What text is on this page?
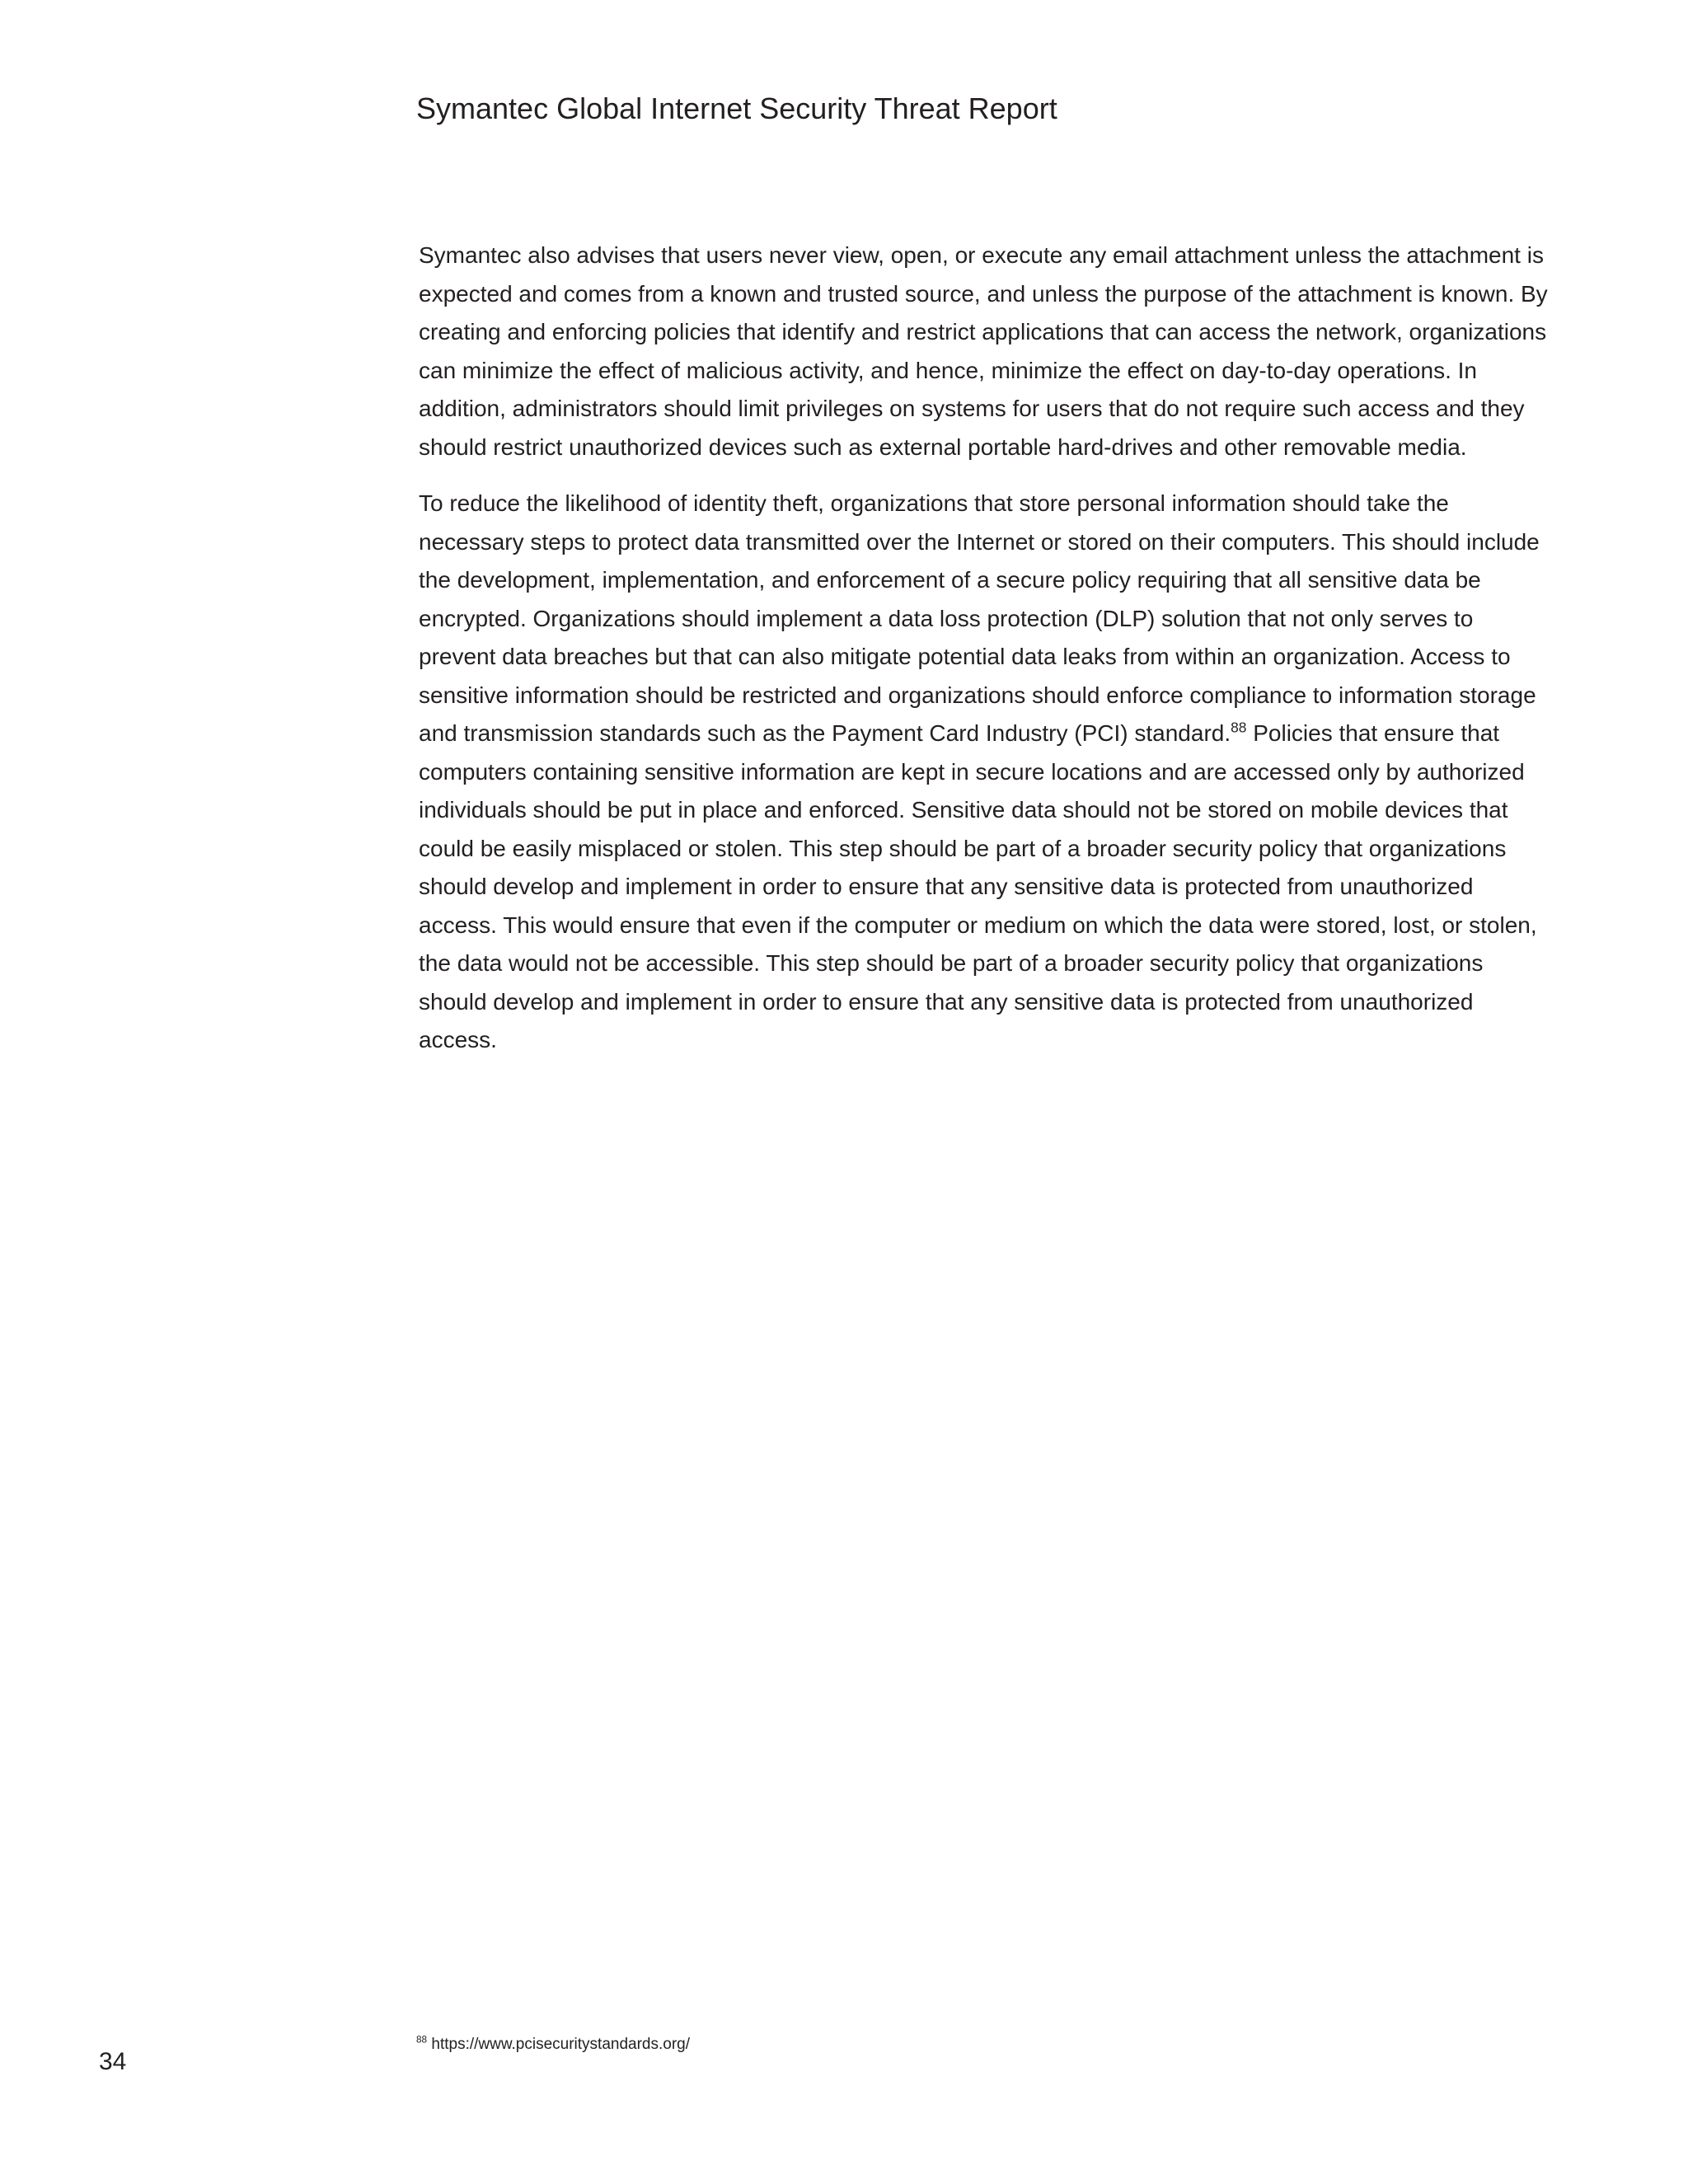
Symantec Global Internet Security Threat Report

Symantec also advises that users never view, open, or execute any email attachment unless the attachment is expected and comes from a known and trusted source, and unless the purpose of the attachment is known. By creating and enforcing policies that identify and restrict applications that can access the network, organizations can minimize the effect of malicious activity, and hence, minimize the effect on day-to-day operations. In addition, administrators should limit privileges on systems for users that do not require such access and they should restrict unauthorized devices such as external portable hard-drives and other removable media.

To reduce the likelihood of identity theft, organizations that store personal information should take the necessary steps to protect data transmitted over the Internet or stored on their computers. This should include the development, implementation, and enforcement of a secure policy requiring that all sensitive data be encrypted. Organizations should implement a data loss protection (DLP) solution that not only serves to prevent data breaches but that can also mitigate potential data leaks from within an organization. Access to sensitive information should be restricted and organizations should enforce compliance to information storage and transmission standards such as the Payment Card Industry (PCI) standard.$^{88}$ Policies that ensure that computers containing sensitive information are kept in secure locations and are accessed only by authorized individuals should be put in place and enforced. Sensitive data should not be stored on mobile devices that could be easily misplaced or stolen. This step should be part of a broader security policy that organizations should develop and implement in order to ensure that any sensitive data is protected from unauthorized access. This would ensure that even if the computer or medium on which the data were stored, lost, or stolen, the data would not be accessible. This step should be part of a broader security policy that organizations should develop and implement in order to ensure that any sensitive data is protected from unauthorized access.

$^{88}$ https://www.pcisecuritystandards.org/
34
